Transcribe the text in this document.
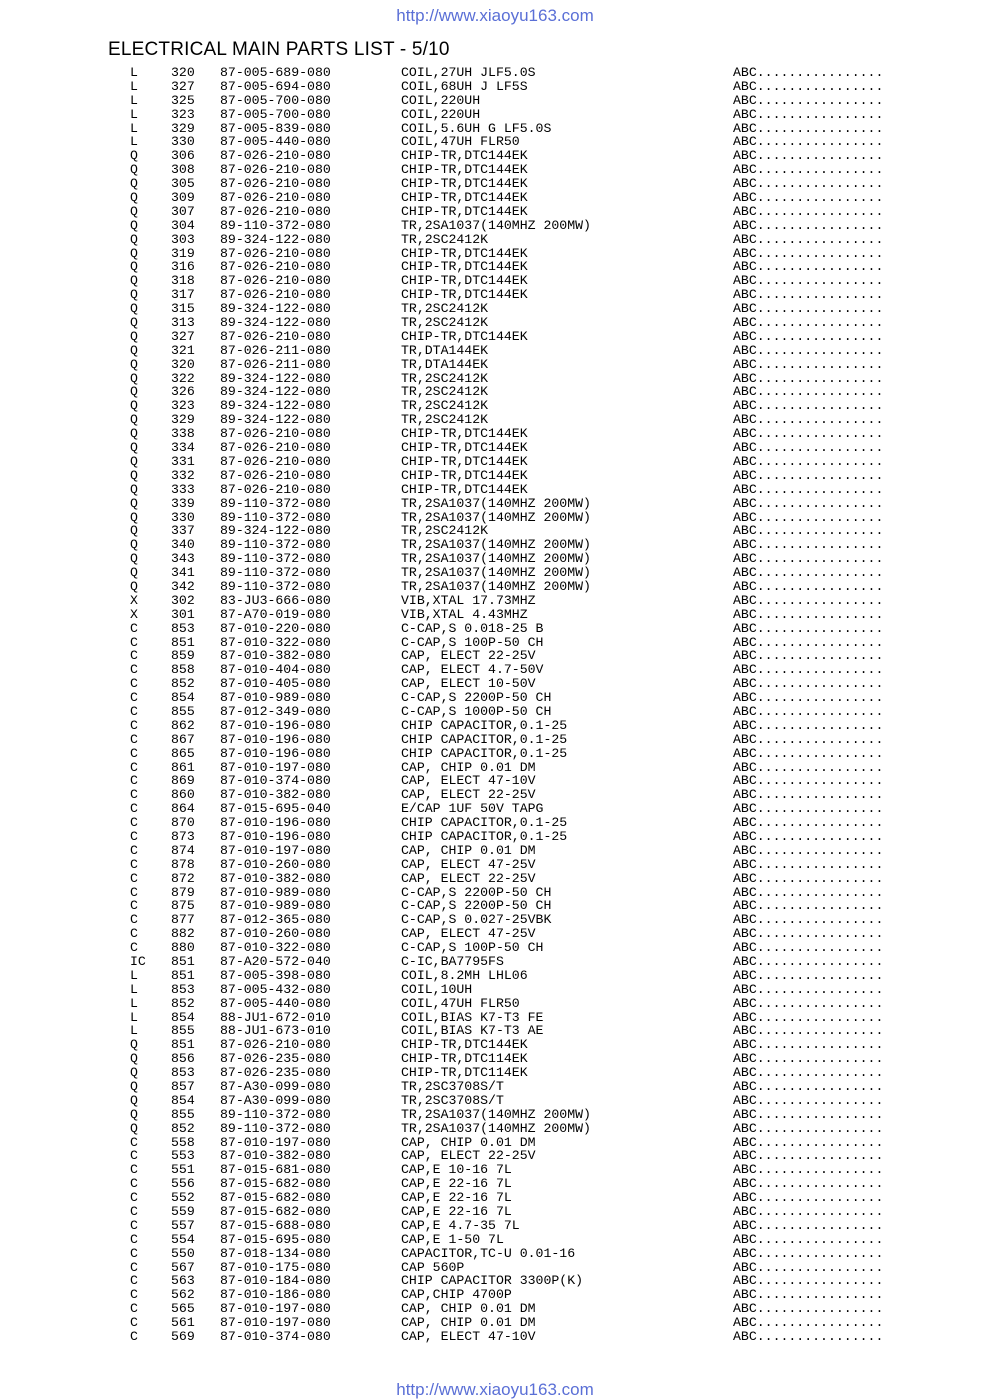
http://www.xiaoyu163.com
ELECTRICAL MAIN PARTS LIST - 5/10
L	320 87-005-689-080	COIL,27UH JLF5.0S	ABC................
L	327 87-005-694-080	COIL,68UH J LF5S	ABC................
L	325 87-005-700-080	COIL,220UH	ABC................
L	323 87-005-700-080	COIL,220UH	ABC................
L	329 87-005-839-080	COIL,5.6UH G LF5.0S	ABC................
L	330 87-005-440-080	COIL,47UH FLR50	ABC................
Q	306 87-026-210-080	CHIP-TR,DTC144EK	ABC................
Q	308 87-026-210-080	CHIP-TR,DTC144EK	ABC................
Q	305 87-026-210-080	CHIP-TR,DTC144EK	ABC................
Q	309 87-026-210-080	CHIP-TR,DTC144EK	ABC................
Q	307 87-026-210-080	CHIP-TR,DTC144EK	ABC................
Q	304 89-110-372-080	TR,2SA1037(140MHZ 200MW)	ABC................
Q	303 89-324-122-080	TR,2SC2412K	ABC................
Q	319 87-026-210-080	CHIP-TR,DTC144EK	ABC................
Q	316 87-026-210-080	CHIP-TR,DTC144EK	ABC................
Q	318 87-026-210-080	CHIP-TR,DTC144EK	ABC................
Q	317 87-026-210-080	CHIP-TR,DTC144EK	ABC................
Q	315 89-324-122-080	TR,2SC2412K	ABC................
Q	313 89-324-122-080	TR,2SC2412K	ABC................
Q	327 87-026-210-080	CHIP-TR,DTC144EK	ABC................
Q	321 87-026-211-080	TR,DTA144EK	ABC................
Q	320 87-026-211-080	TR,DTA144EK	ABC................
Q	322 89-324-122-080	TR,2SC2412K	ABC................
Q	326 89-324-122-080	TR,2SC2412K	ABC................
Q	323 89-324-122-080	TR,2SC2412K	ABC................
Q	329 89-324-122-080	TR,2SC2412K	ABC................
Q	338 87-026-210-080	CHIP-TR,DTC144EK	ABC................
Q	334 87-026-210-080	CHIP-TR,DTC144EK	ABC................
Q	331 87-026-210-080	CHIP-TR,DTC144EK	ABC................
Q	332 87-026-210-080	CHIP-TR,DTC144EK	ABC................
Q	333 87-026-210-080	CHIP-TR,DTC144EK	ABC................
Q	339 89-110-372-080	TR,2SA1037(140MHZ 200MW)	ABC................
Q	330 89-110-372-080	TR,2SA1037(140MHZ 200MW)	ABC................
Q	337 89-324-122-080	TR,2SC2412K	ABC................
Q	340 89-110-372-080	TR,2SA1037(140MHZ 200MW)	ABC................
Q	343 89-110-372-080	TR,2SA1037(140MHZ 200MW)	ABC................
Q	341 89-110-372-080	TR,2SA1037(140MHZ 200MW)	ABC................
Q	342 89-110-372-080	TR,2SA1037(140MHZ 200MW)	ABC................
X	302 83-JU3-666-080	VIB,XTAL 17.73MHZ	ABC................
X	301 87-A70-019-080	VIB,XTAL 4.43MHZ	ABC................
C	853 87-010-220-080	C-CAP,S 0.018-25 B	ABC................
C	851 87-010-322-080	C-CAP,S 100P-50 CH	ABC................
C	859 87-010-382-080	CAP, ELECT 22-25V	ABC................
C	858 87-010-404-080	CAP, ELECT 4.7-50V	ABC................
C	852 87-010-405-080	CAP, ELECT 10-50V	ABC................
C	854 87-010-989-080	C-CAP,S 2200P-50 CH	ABC................
C	855 87-012-349-080	C-CAP,S 1000P-50 CH	ABC................
C	862 87-010-196-080	CHIP CAPACITOR,0.1-25	ABC................
C	867 87-010-196-080	CHIP CAPACITOR,0.1-25	ABC................
C	865 87-010-196-080	CHIP CAPACITOR,0.1-25	ABC................
C	861 87-010-197-080	CAP, CHIP 0.01 DM	ABC................
C	869 87-010-374-080	CAP, ELECT 47-10V	ABC................
C	860 87-010-382-080	CAP, ELECT 22-25V	ABC................
C	864 87-015-695-040	E/CAP 1UF 50V TAPG	ABC................
C	870 87-010-196-080	CHIP CAPACITOR,0.1-25	ABC................
C	873 87-010-196-080	CHIP CAPACITOR,0.1-25	ABC................
C	874 87-010-197-080	CAP, CHIP 0.01 DM	ABC................
C	878 87-010-260-080	CAP, ELECT 47-25V	ABC................
C	872 87-010-382-080	CAP, ELECT 22-25V	ABC................
C	879 87-010-989-080	C-CAP,S 2200P-50 CH	ABC................
C	875 87-010-989-080	C-CAP,S 2200P-50 CH	ABC................
C	877 87-012-365-080	C-CAP,S 0.027-25VBK	ABC................
C	882 87-010-260-080	CAP, ELECT 47-25V	ABC................
C	880 87-010-322-080	C-CAP,S 100P-50 CH	ABC................
IC 851 87-A20-572-040	C-IC,BA7795FS	ABC................
L	851 87-005-398-080	COIL,8.2MH LHL06	ABC................
L	853 87-005-432-080	COIL,10UH	ABC................
L	852 87-005-440-080	COIL,47UH FLR50	ABC................
L	854 88-JU1-672-010	COIL,BIAS K7-T3 FE	ABC................
L	855 88-JU1-673-010	COIL,BIAS K7-T3 AE	ABC................
Q	851 87-026-210-080	CHIP-TR,DTC144EK	ABC................
Q	856 87-026-235-080	CHIP-TR,DTC114EK	ABC................
Q	853 87-026-235-080	CHIP-TR,DTC114EK	ABC................
Q	857 87-A30-099-080	TR,2SC3708S/T	ABC................
Q	854 87-A30-099-080	TR,2SC3708S/T	ABC................
Q	855 89-110-372-080	TR,2SA1037(140MHZ 200MW)	ABC................
Q	852 89-110-372-080	TR,2SA1037(140MHZ 200MW)	ABC................
C	558 87-010-197-080	CAP, CHIP 0.01 DM	ABC................
C	553 87-010-382-080	CAP, ELECT 22-25V	ABC................
C	551 87-015-681-080	CAP,E 10-16 7L	ABC................
C	556 87-015-682-080	CAP,E 22-16 7L	ABC................
C	552 87-015-682-080	CAP,E 22-16 7L	ABC................
C	559 87-015-682-080	CAP,E 22-16 7L	ABC................
C	557 87-015-688-080	CAP,E 4.7-35 7L	ABC................
C	554 87-015-695-080	CAP,E 1-50 7L	ABC................
C	550 87-018-134-080	CAPACITOR,TC-U 0.01-16	ABC................
C	567 87-010-175-080	CAP 560P	ABC................
C	563 87-010-184-080	CHIP CAPACITOR 3300P(K)	ABC................
C	562 87-010-186-080	CAP,CHIP 4700P	ABC................
C	565 87-010-197-080	CAP, CHIP 0.01 DM	ABC................
C	561 87-010-197-080	CAP, CHIP 0.01 DM	ABC................
C	569 87-010-374-080	CAP, ELECT 47-10V	ABC................
http://www.xiaoyu163.com
